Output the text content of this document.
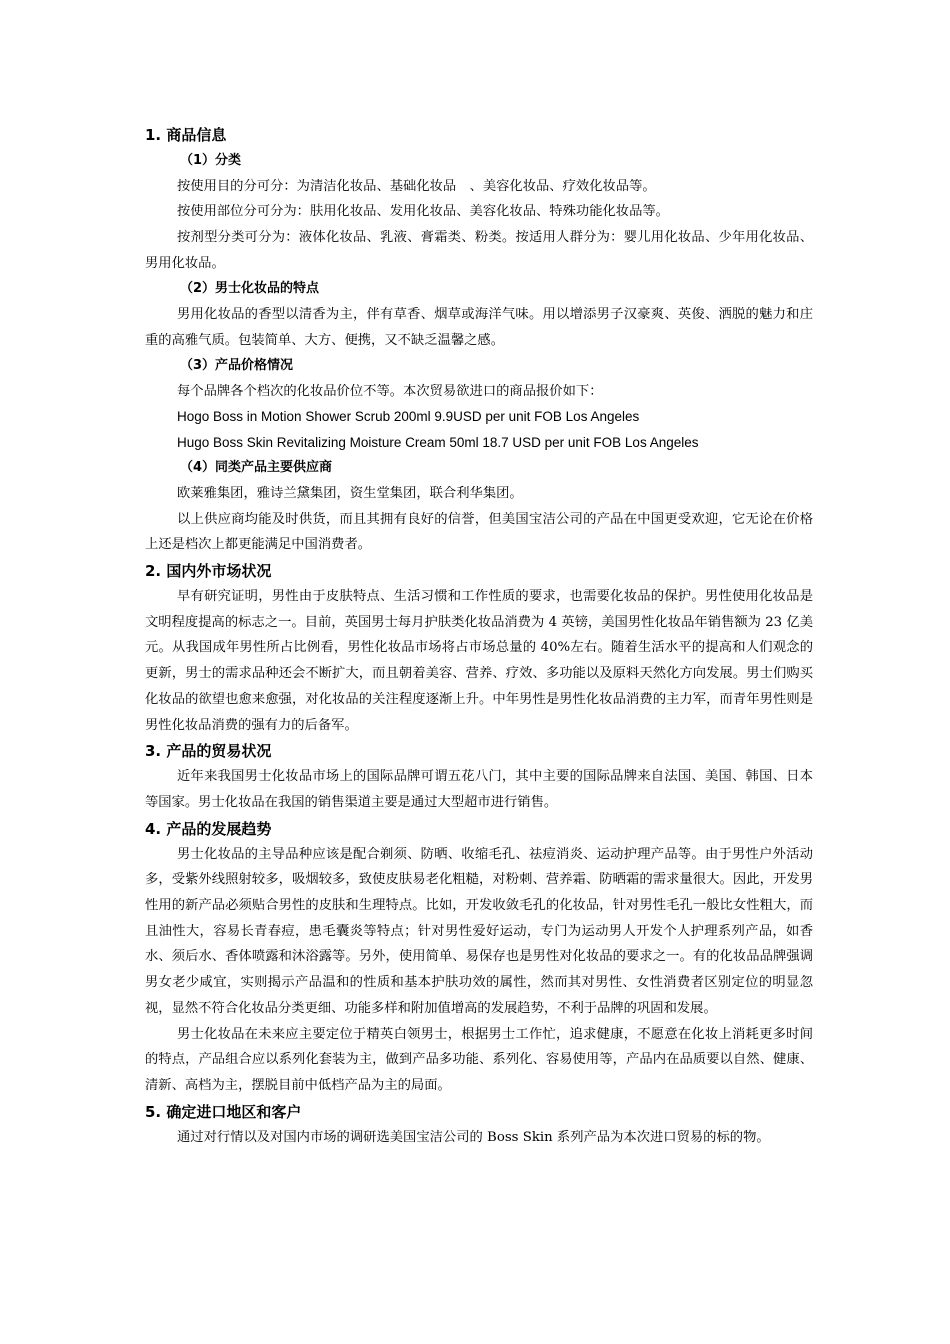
1. 商品信息
（1）分类

按使用目的分可分：为清洁化妆品、基础化妆品　、美容化妆品、疗效化妆品等。

按使用部位分可分为：肤用化妆品、发用化妆品、美容化妆品、特殊功能化妆品等。

按剂型分类可分为：液体化妆品、乳液、膏霜类、粉类。按适用人群分为：婴儿用化妆品、少年用化妆品、男用化妆品。

（2）男士化妆品的特点

男用化妆品的香型以清香为主，伴有草香、烟草或海洋气味。用以增添男子汉豪爽、英俊、洒脱的魅力和庄重的高雅气质。包装简单、大方、便携，又不缺乏温馨之感。

（3）产品价格情况

每个品牌各个档次的化妆品价位不等。本次贸易欲进口的商品报价如下：

Hogo Boss in Motion Shower Scrub 200ml 9.9USD per unit FOB Los Angeles
Hugo Boss Skin Revitalizing Moisture Cream 50ml 18.7 USD per unit FOB Los Angeles
（4）同类产品主要供应商

欧莱雅集团，雅诗兰黛集团，资生堂集团，联合利华集团。

以上供应商均能及时供货，而且其拥有良好的信誉，但美国宝洁公司的产品在中国更受欢迎，它无论在价格上还是档次上都更能满足中国消费者。

2. 国内外市场状况

早有研究证明，男性由于皮肤特点、生活习惯和工作性质的要求，也需要化妆品的保护。男性使用化妆品是文明程度提高的标志之一。目前，英国男士每月护肤类化妆品消费为 4 英镑，美国男性化妆品年销售额为 23 亿美元。从我国成年男性所占比例看，男性化妆品市场将占市场总量的 40%左右。随着生活水平的提高和人们观念的更新，男士的需求品种还会不断扩大，而且朝着美容、营养、疗效、多功能以及原料天然化方向发展。男士们购买化妆品的欲望也愈来愈强，对化妆品的关注程度逐渐上升。中年男性是男性化妆品消费的主力军，而青年男性则是男性化妆品消费的强有力的后备军。

3. 产品的贸易状况

近年来我国男士化妆品市场上的国际品牌可谓五花八门，其中主要的国际品牌来自法国、美国、韩国、日本等国家。男士化妆品在我国的销售渠道主要是通过大型超市进行销售。

4. 产品的发展趋势

男士化妆品的主导品种应该是配合剃须、防晒、收缩毛孔、祛痘消炎、运动护理产品等。由于男性户外活动多，受紫外线照射较多，吸烟较多，致使皮肤易老化粗糙，对粉刺、营养霜、防晒霜的需求量很大。因此，开发男性用的新产品必须贴合男性的皮肤和生理特点。比如，开发收敛毛孔的化妆品，针对男性毛孔一般比女性粗大，而且油性大，容易长青春痘，患毛囊炎等特点；针对男性爱好运动，专门为运动男人开发个人护理系列产品，如香水、须后水、香体喷露和沐浴露等。另外，使用简单、易保存也是男性对化妆品的要求之一。有的化妆品品牌强调男女老少咸宜，实则揭示产品温和的性质和基本护肤功效的属性，然而其对男性、女性消费者区别定位的明显忽视，显然不符合化妆品分类更细、功能多样和附加值增高的发展趋势，不利于品牌的巩固和发展。

男士化妆品在未来应主要定位于精英白领男士，根据男士工作忙，追求健康，不愿意在化妆上消耗更多时间的特点，产品组合应以系列化套装为主，做到产品多功能、系列化、容易使用等，产品内在品质要以自然、健康、清新、高档为主，摆脱目前中低档产品为主的局面。

5. 确定进口地区和客户

通过对行情以及对国内市场的调研选美国宝洁公司的 Boss Skin 系列产品为本次进口贸易的标的物。
